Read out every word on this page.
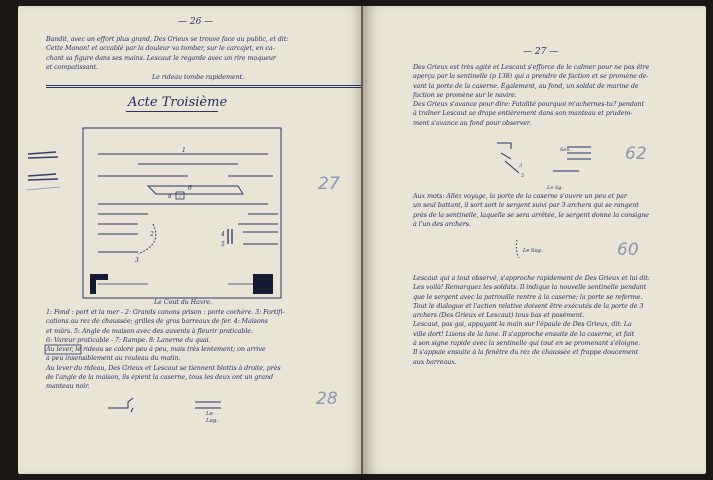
— 26 —
Bandit, avec un effort plus grand, Des Grieux se trouve face au public, et dit:
Cette Manon! et accablé par la douleur va tomber, sur le carcajet, en ca-
chant sa figure dans ses mains. Lescaut le regarde avec un rire moqueur
et compatissant.
Le rideau tombe rapidement.
Acte Troisième
1
2
3
4
5
6
7
8
27
Le Cout du Havre.
1: Fond : port et la mer - 2: Grands canons prison : porte cochère. 3: Fortifi-
cations au rez de chaussée; grilles de gros barreaux de fer. 4: Maisons
et mûrs. 5: Angle de maison avec des auvents à fleurir praticable.
6: Vareur praticable - 7: Rampe. 8: Lanerne du quai.
Au lever, le rideau se colore peu à peu, mais très lentement; on arrive
à peu insensiblement au rouleau du matin.
Au lever du rideau, Des Grieux et Lescaut se tiennent blottis à droite, près
de l'angle de la maison, ils épient la caserne, tous les deux ont un grand
manteau noir.
Le
Lag.
28
— 27 —
Des Grieux est très agité et Lescaut s'efforce de le calmer pour ne pas être
aperçu par la sentinelle (p 138) qui a prendre de faction et se promène de-
vant la porte de la caserne. Également, au fond, un soldat de marine de
faction se promène sur le navire.
Des Grieux s'avance pour dire: Fatalité pourquoi m'achernes-tu? pendant
à traîner Lescaut se drape entièrement dans son manteau et prudem-
ment s'avance au fond pour observer.
Sen.
3
5
Le Sg.
62
Aux mots: Allez voyage, la porte de la caserne s'ouvre un peu et par
un seul battant, il sort sort le sergent suivi par 3 archers qui se rangent
près de la sentinelle, laquelle se sera arrêtée, le sergent donne la consigne
à l'un des archers.
Le Sug.	60
Lescaut qui a tout observé, s'approche rapidement de Des Grieux et lui dit:
Les voilà! Remarquez les soldats. Il indique la nouvelle sentinelle pendant
que le sergent avec la patrouille rentre à la caserne; la porte se referme.
Tout le dialogue et l'action relative doivent être exécutés de la porte de 3
archers (Des Grieux et Lescaut) tous bas et posément.
Lescaut, pas gai, appuyant la main sur l'épaule de Des Grieux, dit: La
ville dort! Lisons de la lune. Il s'approche ensuite de la caserne, et fait
à son signe rapide avec la sentinelle qui tout en se promenant s'éloigne.
Il s'appuie ensuite à la fenêtre du rez de chaussée et frappe doucement
aux barreaux.
